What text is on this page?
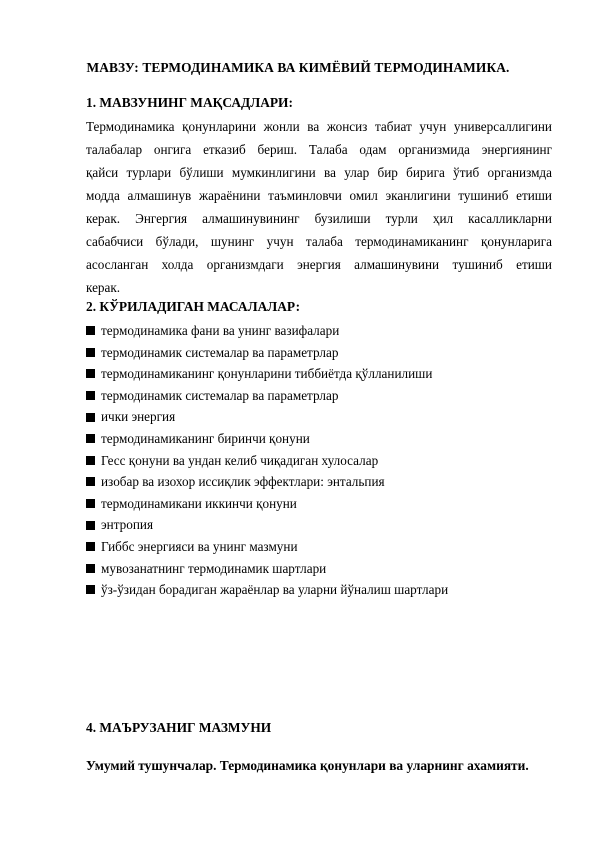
МАВЗУ: ТЕРМОДИНАМИКА ВА КИМЁВИЙ ТЕРМОДИНАМИКА.
1. МАВЗУНИНГ МАҚСАДЛАРИ:
Термодинамика қонунларини жонли ва жонсиз табиат учун универсаллигини
талабалар онгига етказиб бериш. Талаба одам организмида энергиянинг
қайси турлари бўлиши мумкинлигини ва улар бир бирига ўтиб организмда
модда алмашинув жараёнини таъминловчи омил эканлигини тушиниб етиши
керак. Энгергия алмашинувининг бузилиши турли ҳил касалликларни
сабабчиси бўлади, шунинг учун талаба термодинамиканинг қонунларига
асосланган холда организмдаги энергия алмашинувини тушиниб етиши
керак.
2. КЎРИЛАДИГАН МАСАЛАЛАР:
термодинамика фани ва унинг вазифалари
термодинамик системалар ва параметрлар
термодинамиканинг қонунларини тиббиётда қўлланилиши
термодинамик системалар ва параметрлар
ички энергия
термодинамиканинг биринчи қонуни
Гесс қонуни ва ундан келиб чиқадиган хулосалар
изобар ва изохор иссиқлик эффектлари: энтальпия
термодинамикани иккинчи қонуни
энтропия
Гиббс энергияси ва унинг мазмуни
мувозанатнинг термодинамик шартлари
ўз-ўзидан борадиган жараёнлар ва уларни йўналиш шартлари
4. МАЪРУЗАНИГ МАЗМУНИ
Умумий тушунчалар. Термодинамика қонунлари ва уларнинг ахамияти.
